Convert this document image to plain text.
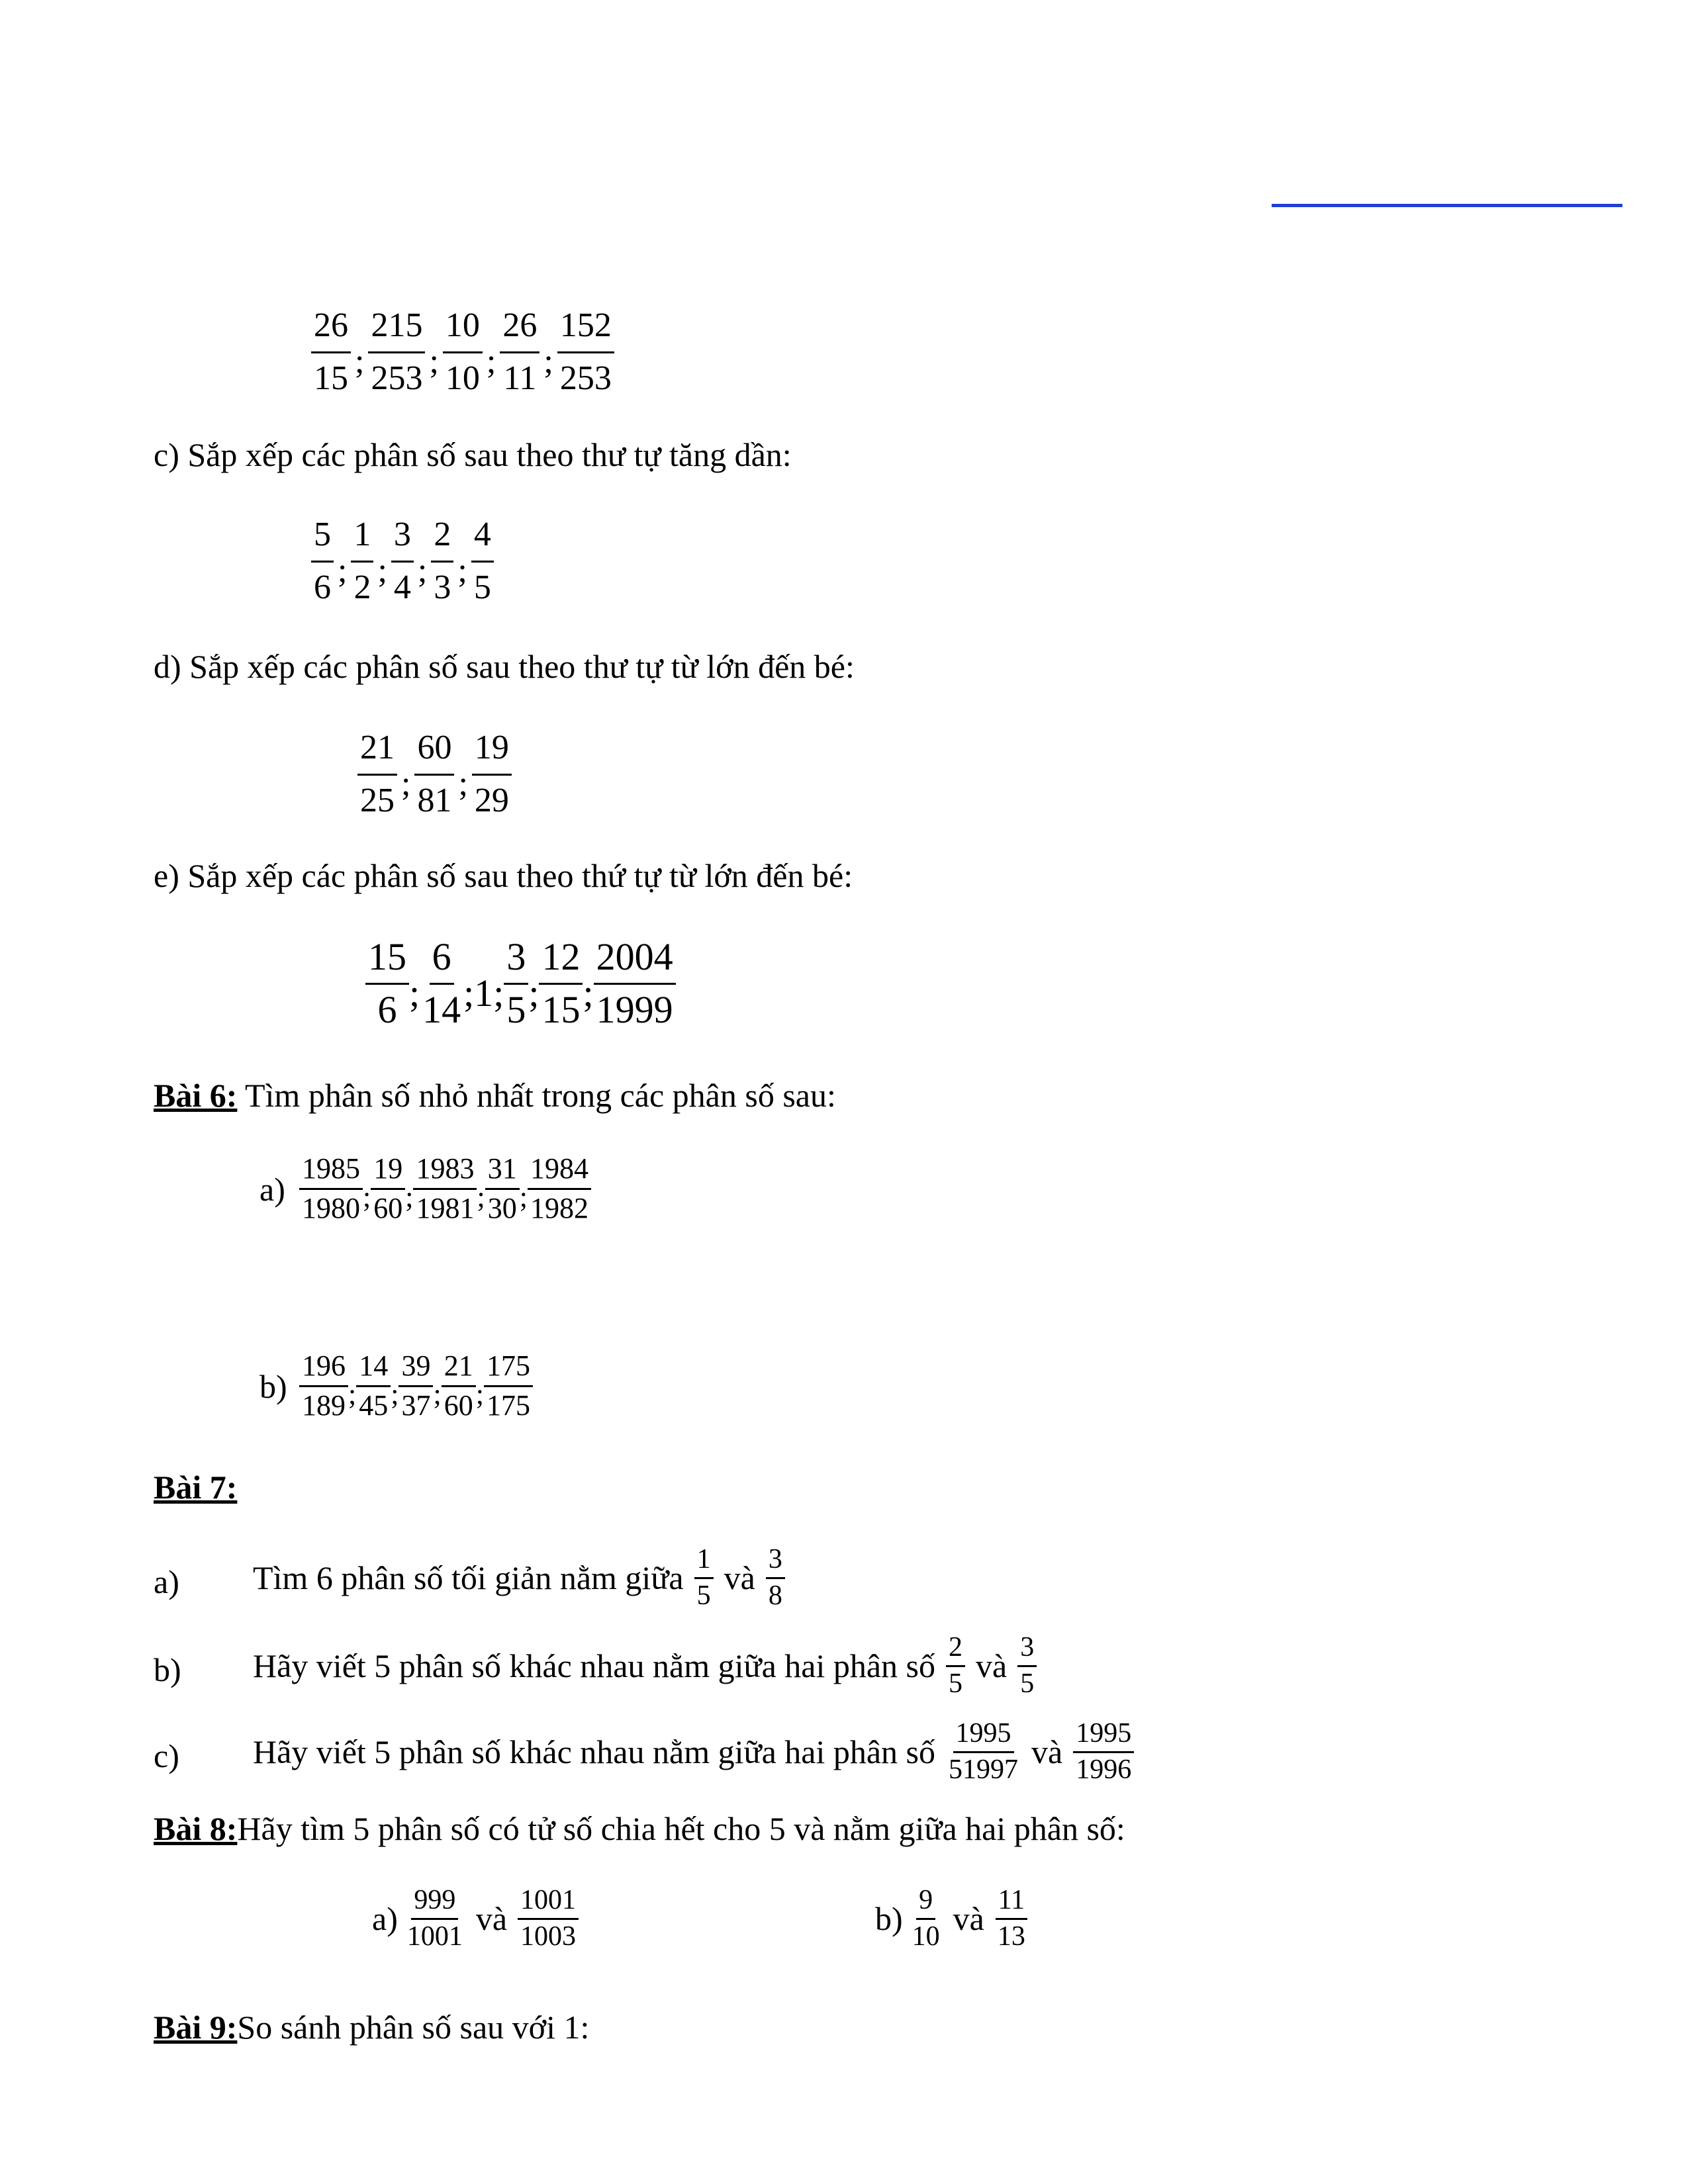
$\frac{26}{15}$ ; $\frac{215}{253}$ ; $\frac{10}{10}$ ; $\frac{26}{11}$ ; $\frac{152}{253}$
c) Sắp xếp các phân số sau theo thư tự tăng dần:
$\frac{5}{6}$ ; $\frac{1}{2}$ ; $\frac{3}{4}$ ; $\frac{2}{3}$ ; $\frac{4}{5}$
d) Sắp xếp các phân số sau theo thư tự từ lớn đến bé:
$\frac{21}{25}$ ; $\frac{60}{81}$ ; $\frac{19}{29}$
e) Sắp xếp các phân số sau theo thứ tự từ lớn đến bé:
$\frac{15}{6}$ ; $\frac{6}{14}$ ;1; $\frac{3}{5}$ ; $\frac{12}{15}$ ; $\frac{2004}{1999}$
Bài 6: Tìm phân số nhỏ nhất trong các phân số sau:
$a) \frac{1985}{1980}$ ; $\frac{19}{60}$ ; $\frac{1983}{1981}$ ; $\frac{31}{30}$ ; $\frac{1984}{1982}$
$b) \frac{196}{189}$ ; $\frac{14}{45}$ ; $\frac{39}{37}$ ; $\frac{21}{60}$ ; $\frac{175}{175}$
Bài 7:
a) Tìm 6 phân số tối giản nằm giữa $\frac{1}{5}$ và $\frac{3}{8}$
b) Hãy viết 5 phân số khác nhau nằm giữa hai phân số $\frac{2}{5}$ và $\frac{3}{5}$
c) Hãy viết 5 phân số khác nhau nằm giữa hai phân số $\frac{1995}{51997}$ và $\frac{1995}{1996}$
Bài 8:Hãy tìm 5 phân số có tử số chia hết cho 5 và nằm giữa hai phân số:
$a) \frac{999}{1001}$ và $\frac{1001}{1003}$	$b) \frac{9}{10}$ và $\frac{11}{13}$
Bài 9:So sánh phân số sau với 1:
